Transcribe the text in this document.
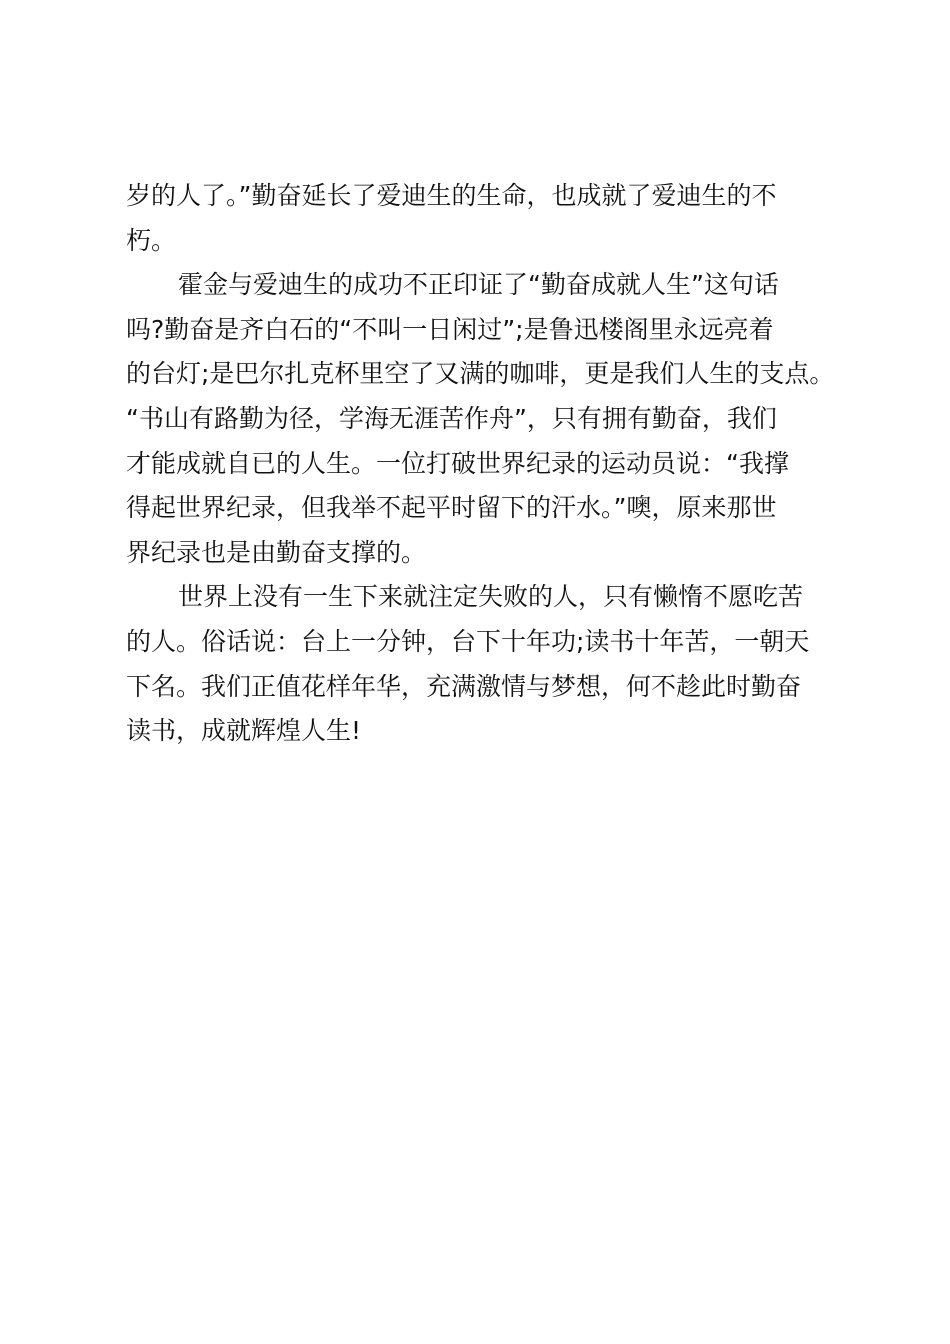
岁的人了。”勤奋延长了爱迪生的生命，也成就了爱迪生的不
朽。
霍金与爱迪生的成功不正印证了“勤奋成就人生”这句话
吗?勤奋是齐白石的“不叫一日闲过”;是鲁迅楼阁里永远亮着
的台灯;是巴尔扎克杯里空了又满的咖啡，更是我们人生的支点。
“书山有路勤为径，学海无涯苦作舟”，只有拥有勤奋，我们
才能成就自已的人生。一位打破世界纪录的运动员说：“我撑
得起世界纪录，但我举不起平时留下的汗水。”噢，原来那世
界纪录也是由勤奋支撑的。
世界上没有一生下来就注定失败的人，只有懒惰不愿吃苦
的人。俗话说：台上一分钟，台下十年功;读书十年苦，一朝天
下名。我们正值花样年华，充满激情与梦想，何不趁此时勤奋
读书，成就辉煌人生!
